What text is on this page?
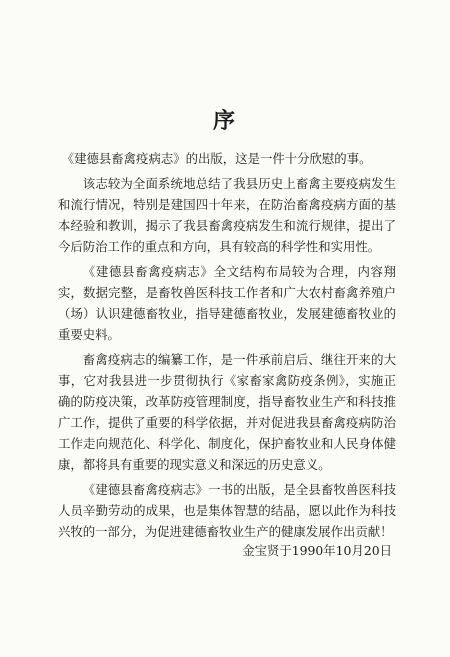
序

《建德县畜禽疫病志》的出版，这是一件十分欣慰的事。

该志较为全面系统地总结了我县历史上畜禽主要疫病发生和流行情况，特别是建国四十年来，在防治畜禽疫病方面的基本经验和教训，揭示了我县畜禽疫病发生和流行规律，提出了今后防治工作的重点和方向，具有较高的科学性和实用性。

《建德县畜禽疫病志》全文结构布局较为合理，内容翔实，数据完整，是畜牧兽医科技工作者和广大农村畜禽养殖户（场）认识建德畜牧业，指导建德畜牧业，发展建德畜牧业的重要史料。

畜禽疫病志的编纂工作，是一件承前启后、继往开来的大事，它对我县进一步贯彻执行《家畜家禽防疫条例》，实施正确的防疫决策，改革防疫管理制度，指导畜牧业生产和科技推广工作，提供了重要的科学依据，并对促进我县畜禽疫病防治工作走向规范化、科学化、制度化，保护畜牧业和人民身体健康，都将具有重要的现实意义和深远的历史意义。

《建德县畜禽疫病志》一书的出版，是全县畜牧兽医科技人员辛勤劳动的成果，也是集体智慧的结晶，愿以此作为科技兴牧的一部分，为促进建德畜牧业生产的健康发展作出贡献！

金宝贤于1990年10月20日
